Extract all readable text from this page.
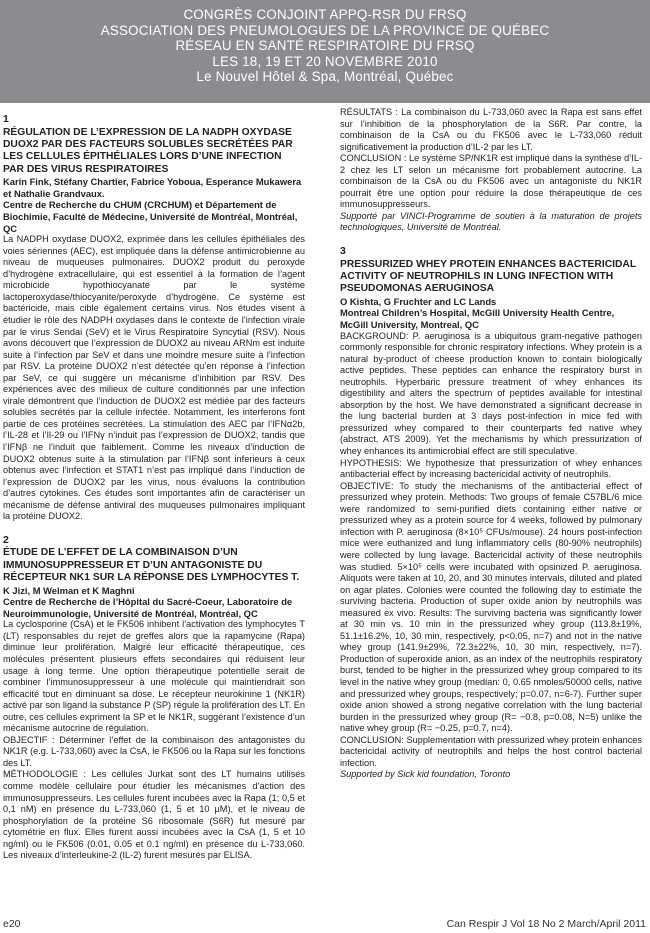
CONGRÈS CONJOINT APPQ-RSR DU FRSQ
ASSOCIATION DES PNEUMOLOGUES DE LA PROVINCE DE QUÉBEC
RÉSEAU EN SANTÉ RESPIRATOIRE DU FRSQ
LES 18, 19 ET 20 NOVEMBRE 2010
Le Nouvel Hôtel & Spa, Montréal, Québec
1
RÉGULATION DE L’EXPRESSION DE LA NADPH OXYDASE DUOX2 PAR DES FACTEURS SOLUBLES SECRÉTÉES PAR LES CELLULES ÉPITHÉLIALES LORS D’UNE INFECTION PAR DES VIRUS RESPIRATOIRES
Karin Fink, Stéfany Chartier, Fabrice Yoboua, Esperance Mukawera et Nathalie Grandvaux.
Centre de Recherche du CHUM (CRCHUM) et Département de Biochimie, Faculté de Médecine, Université de Montréal, Montréal, QC

La NADPH oxydase DUOX2, exprimée dans les cellules épithéliales des voies sériennes (AEC), est impliquée dans la défense antimicrobienne au niveau de muqueuses pulmonaires. DUOX2 produit du peroxyde d’hydrogène extracellulaire, qui est essentiel à la formation de l’agent microbicide hypothiocyanate par le système lactoperoxydase/thiocyanite/peroxyde d’hydrogène. Ce système est bactéricide, mais cible également certains virus. Nos études visent à étudier le rôle des NADPH oxydases dans le contexte de l’infection virale par le virus Sendai (SeV) et le Virus Respiratoire Syncytial (RSV). Nous avons découvert que l’expression de DUOX2 au niveau ARNm est induite suite à l’infection par SeV et dans une moindre mesure suite à l’infection par RSV. La protéine DUOX2 n’est détectée qu’en réponse à l’infection par SeV, ce qui suggère un mécanisme d’inhibition par RSV. Des expériences avec des milieux de culture conditionnés par une infection virale démontrent que l’induction de DUOX2 est médiée par des facteurs solubles secrétés par la cellule infectée. Notamment, les interferons font partie de ces protéines secrétées. La stimulation des AEC par l’IFNα2b, l’IL-28 et l’Il-29 ou l’IFNγ n’induit pas l’expression de DUOX2, tandis que l’IFNβ ne l’induit que faiblement. Comme les niveaux d’induction de DUOX2 obtenus suite à la stimulation par l’IFNβ sont inferieurs à ceux obtenus avec l’infection et STAT1 n’est pas impliqué dans l’induction de l’expression de DUOX2 par les virus, nous évaluons la contribution d’autres cytokines. Ces études sont importantes afin de caractériser un mécanisme de défense antiviral des muqueuses pulmonaires impliquant la protéine DUOX2.

2
ÉTUDE DE L’EFFET DE LA COMBINAISON D’UN IMMUNOSUPPRESSEUR ET D’UN ANTAGONISTE DU RÉCEPTEUR NK1 SUR LA RÉPONSE DES LYMPHOCYTES T.
K Jizi, M Welman et K Maghni
Centre de Recherche de l’Hôpital du Sacré-Coeur, Laboratoire de Neuroimmunologie, Université de Montréal, Montréal, QC

La cyclosporine (CsA) et le FK506 inhibent l’activation des lymphocytes T (LT) responsables du rejet de greffes alors que la rapamycine (Rapa) diminue leur prolifération. Malgré leur efficacité thérapeutique, ces molécules présentent plusieurs effets secondaires qui réduisent leur usage à long terme. Une option thérapeutique potentielle serait de combiner l’immunosuppresseur à une molécule qui maintiendrait son efficacité tout en diminuant sa dose. Le récepteur neurokinine 1 (NK1R) activé par son ligand la substance P (SP) régule la prolifération des LT. En outre, ces cellules expriment la SP et le NK1R, suggérant l’existence d’un mécanisme autocrine de régulation.

OBJECTIF : Déterminer l’effet de la combinaison des antagonistes du NK1R (e.g. L-733,060) avec la CsA, le FK506 ou la Rapa sur les fonctions des LT.

MÉTHODOLOGIE : Les cellules Jurkat sont des LT humains utilisés comme modèle cellulaire pour étudier les mécanismes d’action des immunosuppresseurs. Les cellules furent incubées avec la Rapa (1; 0,5 et 0,1 nM) en présence du L-733,060 (1, 5 et 10 μM), et le niveau de phosphorylation de la protéine S6 ribosomale (S6R) fut mesuré par cytométrie en flux. Elles furent aussi incubées avec la CsA (1, 5 et 10 ng/ml) ou le FK506 (0.01, 0.05 et 0.1 ng/ml) en présence du L-733,060. Les niveaux d’interleukine-2 (IL-2) furent mesurés par ELISA.

RÉSULTATS : La combinaison du L-733,060 avec la Rapa est sans effet sur l’inhibition de la phosphorylation de la S6R. Par contre, la combinaison de la CsA ou du FK506 avec le L-733,060 réduit significativement la production d’IL-2 par les LT.

CONCLUSION : Le système SP/NK1R est impliqué dans la synthèse d’IL-2 chez les LT selon un mécanisme fort probablement autocrine. La combinaison de la CsA ou du FK506 avec un antagoniste du NK1R pourrait être une option pour réduire la dose thérapeutique de ces immunosuppresseurs.

Supporté par VINCI-Programme de soutien à la maturation de projets technologiques, Université de Montréal.

3
PRESSURIZED WHEY PROTEIN ENHANCES BACTERICIDAL ACTIVITY OF NEUTROPHILS IN LUNG INFECTION WITH PSEUDOMONAS AERUGINOSA
O Kishta, G Fruchter and LC Lands
Montreal Children’s Hospital, McGill University Health Centre, McGill University, Montreal, QC

BACKGROUND: P. aeruginosa is a ubiquitous gram-negative pathogen commonly responsible for chronic respiratory infections. Whey protein is a natural by-product of cheese production known to contain biologically active peptides. These peptides can enhance the respiratory burst in neutrophils. Hyperbaric pressure treatment of whey enhances its digestibility and alters the spectrum of peptides available for intestinal absorption by the host. We have demonstrated a significant decrease in the lung bacterial burden at 3 days post-infection in mice fed with pressurized whey compared to their counterparts fed native whey (abstract, ATS 2009). Yet the mechanisms by which pressurization of whey enhances its antimicrobial effect are still speculative.

HYPOTHESIS: We hypothesize that pressurization of whey enhances antibacterial effect by increasing bactericidal activity of neutrophils.

OBJECTIVE: To study the mechanisms of the antibacterial effect of pressurized whey protein. Methods: Two groups of female C57BL/6 mice were randomized to semi-purified diets containing either native or pressurized whey as a protein source for 4 weeks, followed by pulmonary infection with P. aeruginosa (8×10⁵ CFUs/mouse). 24 hours post-infection mice were euthanized and lung inflammatory cells (80-90% neutrophils) were collected by lung lavage. Bactericidal activity of these neutrophils was studied. 5×10⁵ cells were incubated with opsinized P. aeruginosa. Aliquots were taken at 10, 20, and 30 minutes intervals, diluted and plated on agar plates. Colonies were counted the following day to estimate the surviving bacteria. Production of super oxide anion by neutrophils was measured ex vivo. Results: The surviving bacteria was significantly lower at 30 min vs. 10 min in the pressurized whey group (113.8±19%, 51.1±16.2%, 10, 30 min, respectively, p<0.05, n=7) and not in the native whey group (141.9±29%, 72.3±22%, 10, 30 min, respectively, n=7). Production of superoxide anion, as an index of the neutrophils respiratory burst, tended to be higher in the pressurized whey group compared to its level in the native whey group (median: 0, 0.65 nmoles/50000 cells, native and pressurized whey groups, respectively; p=0.07, n=6-7). Further super oxide anion showed a strong negative correlation with the lung bacterial burden in the pressurized whey group (R= −0.8, p=0.08, N=5) unlike the native whey group (R= −0.25, p=0.7, n=4).

CONCLUSION: Supplementation with pressurized whey protein enhances bactericidal activity of neutrophils and helps the host control bacterial infection.

Supported by Sick kid foundation, Toronto

e20	Can Respir J Vol 18 No 2 March/April 2011
